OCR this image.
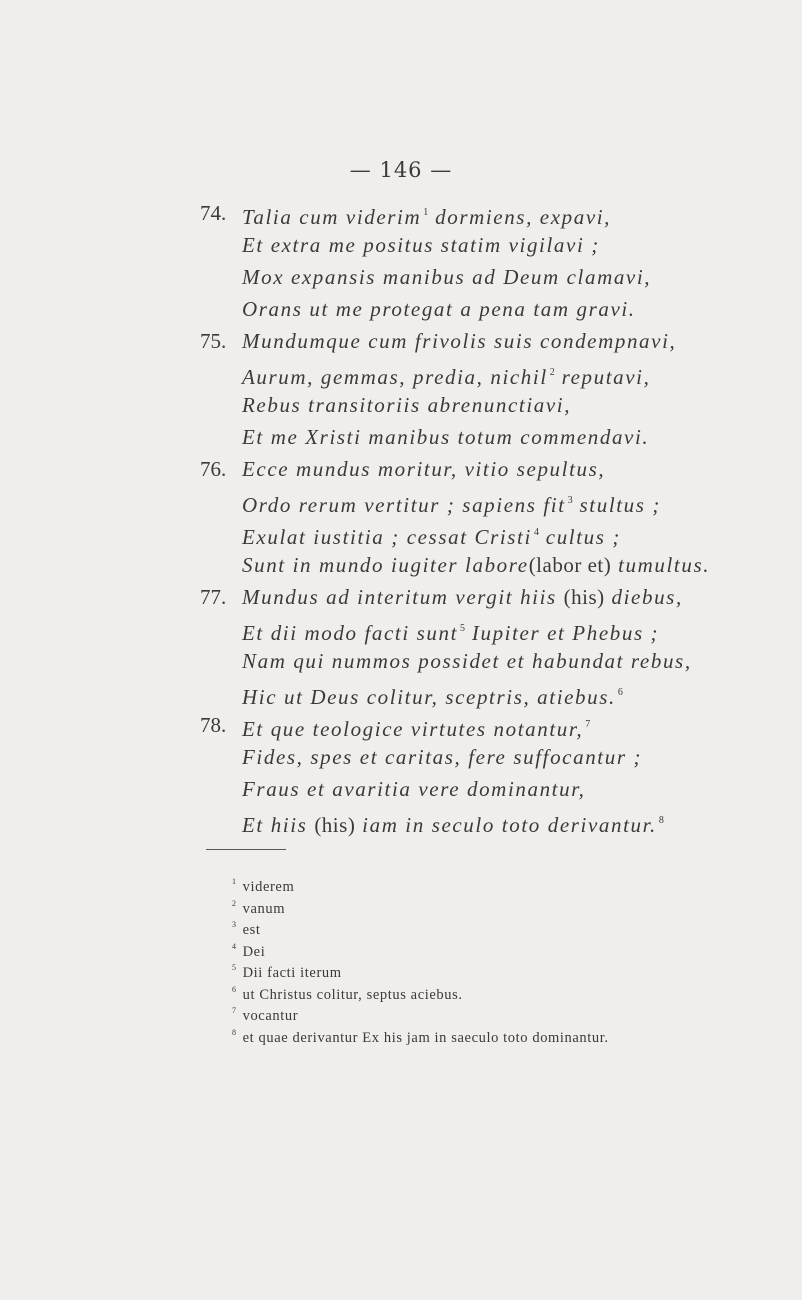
— 146 —
74. Talia cum viderim $^1$ dormiens, expavi,
Et extra me positus statim vigilavi ;
Mox expansis manibus ad Deum clamavi,
Orans ut me protegat a pena tam gravi.
75. Mundumque cum frivolis suis condempnavi,
Aurum, gemmas, predia, nichil $^2$ reputavi,
Rebus transitoriis abrenunctiavi,
Et me Xristi manibus totum commendavi.
76. Ecce mundus moritur, vitio sepultus,
Ordo rerum vertitur ; sapiens fit $^3$ stultus ;
Exulat iustitia ; cessat Cristi $^4$ cultus ;
Sunt in mundo iugiter labore(labor et) tumultus.
77. Mundus ad interitum vergit hiis (his) diebus,
Et dii modo facti sunt $^5$ Iupiter et Phebus ;
Nam qui nummos possidet et habundat rebus,
Hic ut Deus colitur, sceptris, atiebus. $^6$
78. Et que teologice virtutes notantur, $^7$
Fides, spes et caritas, fere suffocantur ;
Fraus et avaritia vere dominantur,
Et hiis (his) iam in seculo toto derivantur. $^8$
$^1$ viderem
$^2$ vanum
$^3$ est
$^4$ Dei
$^5$ Dii facti iterum
$^6$ ut Christus colitur, septus aciebus.
$^7$ vocantur
$^8$ et quae derivantur Ex his jam in saeculo toto dominantur.
